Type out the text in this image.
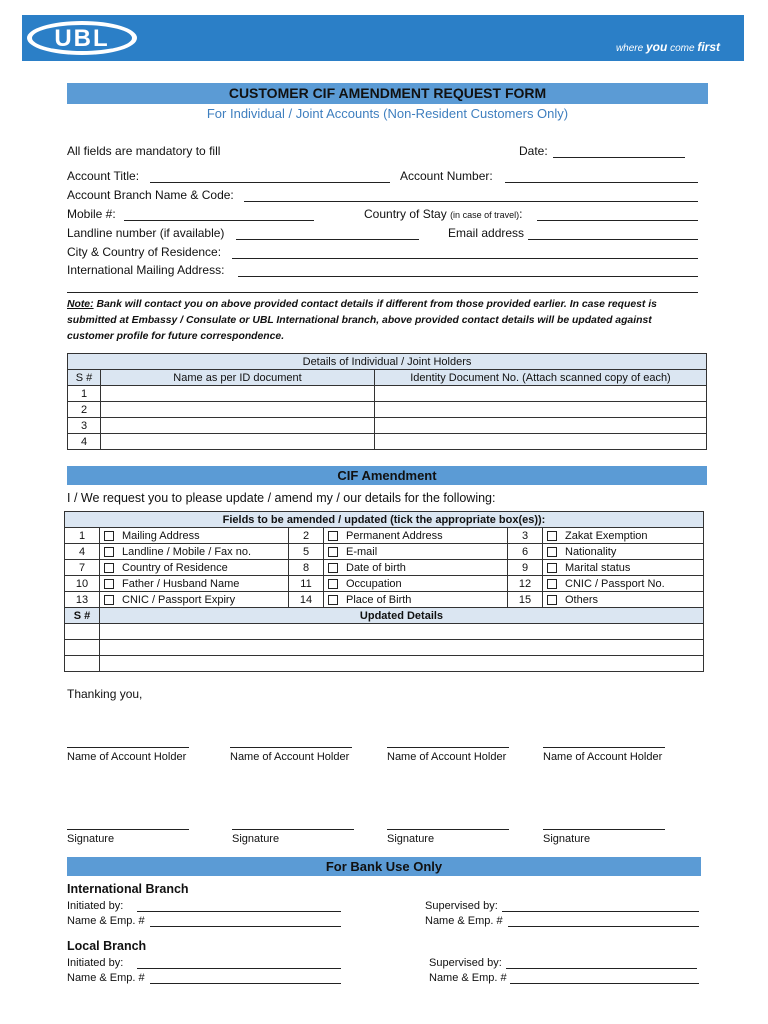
UBL	where you come first
CUSTOMER CIF AMENDMENT REQUEST FORM
For Individual / Joint Accounts (Non-Resident Customers Only)
All fields are mandatory to fill	Date:
Account Title:	Account Number:
Account Branch Name & Code:
Mobile #:	Country of Stay (in case of travel):
Landline number (if available)	Email address
City & Country of Residence:
International Mailing Address:
Note: Bank will contact you on above provided contact details if different from those provided earlier. In case request is submitted at Embassy / Consulate or UBL International branch, above provided contact details will be updated against customer profile for future correspondence.
Details of Individual / Joint Holders		
S #	Name as per ID document	Identity Document No. (Attach scanned copy of each)
1		
2		
3		
4		
CIF Amendment
I / We request you to please update / amend my / our details for the following:
Fields to be amended / updated (tick the appropriate box(es)):					
1	Mailing Address	2	Permanent Address	3	Zakat Exemption
4	Landline / Mobile / Fax no.	5	E-mail	6	Nationality
7	Country of Residence	8	Date of birth	9	Marital status
10	Father / Husband Name	11	Occupation	12	CNIC / Passport No.
13	CNIC / Passport Expiry	14	Place of Birth	15	Others
S #	Updated Details				

Thanking you,
Name of Account Holder	Name of Account Holder	Name of Account Holder	Name of Account Holder
Signature	Signature	Signature	Signature
For Bank Use Only
International Branch
Initiated by:	Supervised by:
Name & Emp. #	Name & Emp. #
Local Branch
Initiated by:	Supervised by:
Name & Emp. #	Name & Emp. #
